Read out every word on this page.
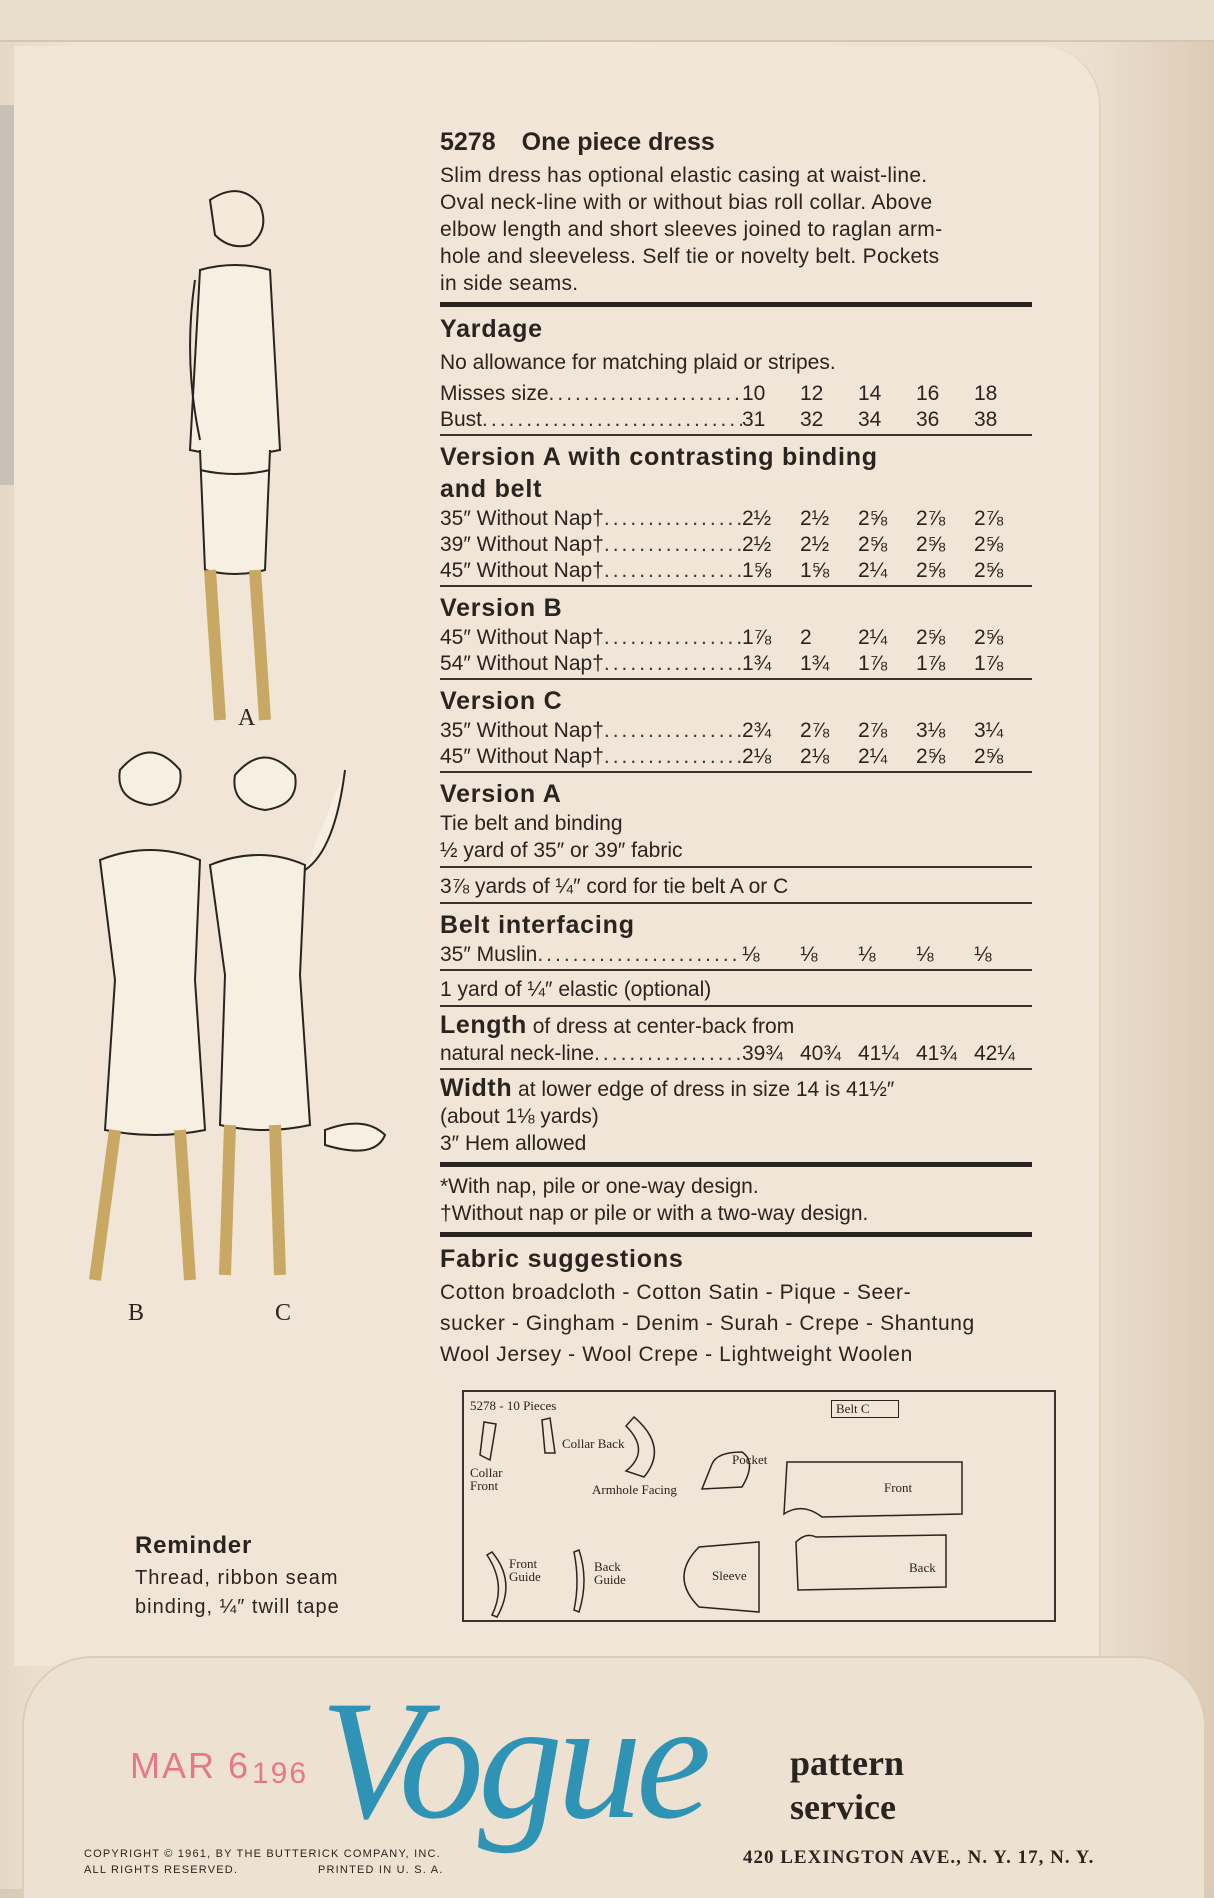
A
B	C
5278 One piece dress
Slim dress has optional elastic casing at waist-line.
Oval neck-line with or without bias roll collar. Above
elbow length and short sleeves joined to raglan arm-
hole and sleeveless. Self tie or novelty belt. Pockets
in side seams.
Yardage
No allowance for matching plaid or stripes.
Misses size .....	10	12	14	16	18
Bust .....	31	32	34	36	38
Version A with contrasting binding
and belt
35″ Without Nap† .....	2½	2½	2⅝	2⅞	2⅞
39″ Without Nap† .....	2½	2½	2⅝	2⅝	2⅝
45″ Without Nap† .....	1⅝	1⅝	2¼	2⅝	2⅝
Version B
45″ Without Nap† .....	1⅞	2	2¼	2⅝	2⅝
54″ Without Nap† .....	1¾	1¾	1⅞	1⅞	1⅞
Version C
35″ Without Nap† .....	2¾	2⅞	2⅞	3⅛	3¼
45″ Without Nap† .....	2⅛	2⅛	2¼	2⅝	2⅝
Version A
Tie belt and binding
½ yard of 35″ or 39″ fabric
3⅞ yards of ¼″ cord for tie belt A or C
Belt interfacing
35″ Muslin .....	⅛	⅛	⅛	⅛	⅛
1 yard of ¼″ elastic (optional)
Length of dress at center-back from
natural neck-line .....	39¾ 40¾ 41¼ 41¾ 42¼
Width at lower edge of dress in size 14 is 41½″
(about 1⅛ yards)
3″ Hem allowed
*With nap, pile or one-way design.
†Without nap or pile or with a two-way design.
Fabric suggestions
Cotton broadcloth - Cotton Satin - Pique - Seer-
sucker - Gingham - Denim - Surah - Crepe - Shantung
Wool Jersey - Wool Crepe - Lightweight Woolen
5278 - 10 Pieces	Belt C
Collar Back
Collar
Front	Armhole Facing
Pocket
Front
Back
Front
Guide
Back
Guide	Sleeve
Reminder
Thread, ribbon seam
binding, ¼″ twill tape
MAR 6 196 Vogue pattern
service
420 LEXINGTON AVE., N. Y. 17, N. Y.
COPYRIGHT © 1961, BY THE BUTTERICK COMPANY, INC.
ALL RIGHTS RESERVED.	PRINTED IN U. S. A.
